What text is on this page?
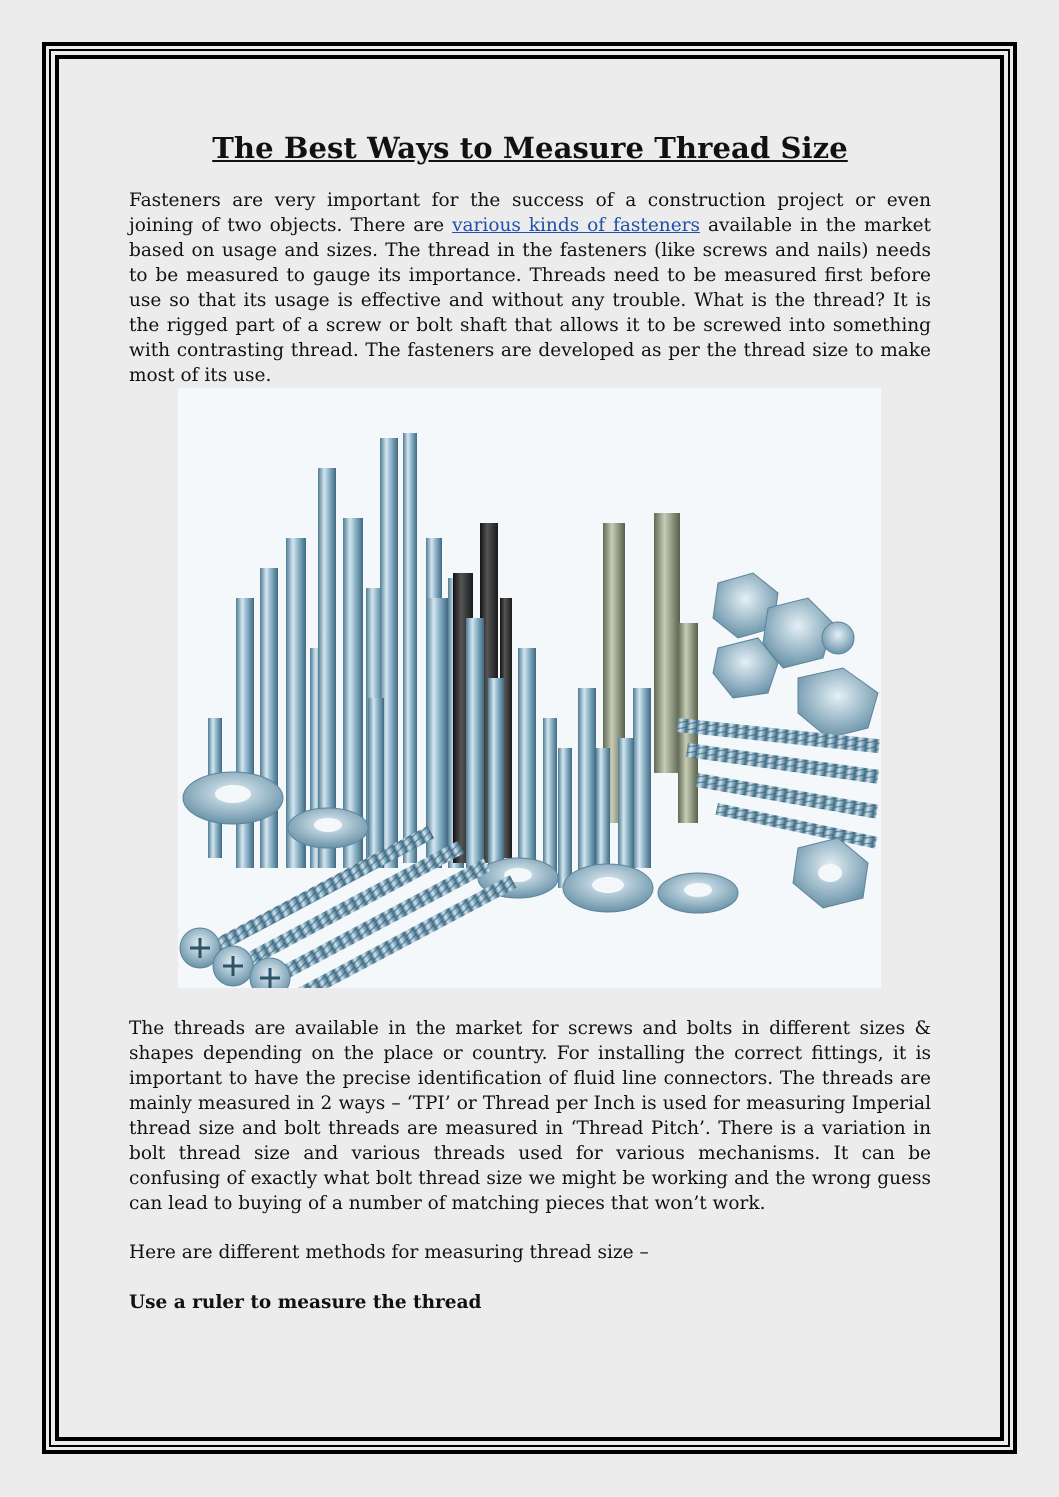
The Best Ways to Measure Thread Size

Fasteners are very important for the success of a construction project or even joining of two objects. There are various kinds of fasteners available in the market based on usage and sizes. The thread in the fasteners (like screws and nails) needs to be measured to gauge its importance. Threads need to be measured first before use so that its usage is effective and without any trouble. What is the thread? It is the rigged part of a screw or bolt shaft that allows it to be screwed into something with contrasting thread. The fasteners are developed as per the thread size to make most of its use.

The threads are available in the market for screws and bolts in different sizes & shapes depending on the place or country. For installing the correct fittings, it is important to have the precise identification of fluid line connectors. The threads are mainly measured in 2 ways – ‘TPI’ or Thread per Inch is used for measuring Imperial thread size and bolt threads are measured in ‘Thread Pitch’. There is a variation in bolt thread size and various threads used for various mechanisms. It can be confusing of exactly what bolt thread size we might be working and the wrong guess can lead to buying of a number of matching pieces that won’t work.

Here are different methods for measuring thread size –

Use a ruler to measure the thread
